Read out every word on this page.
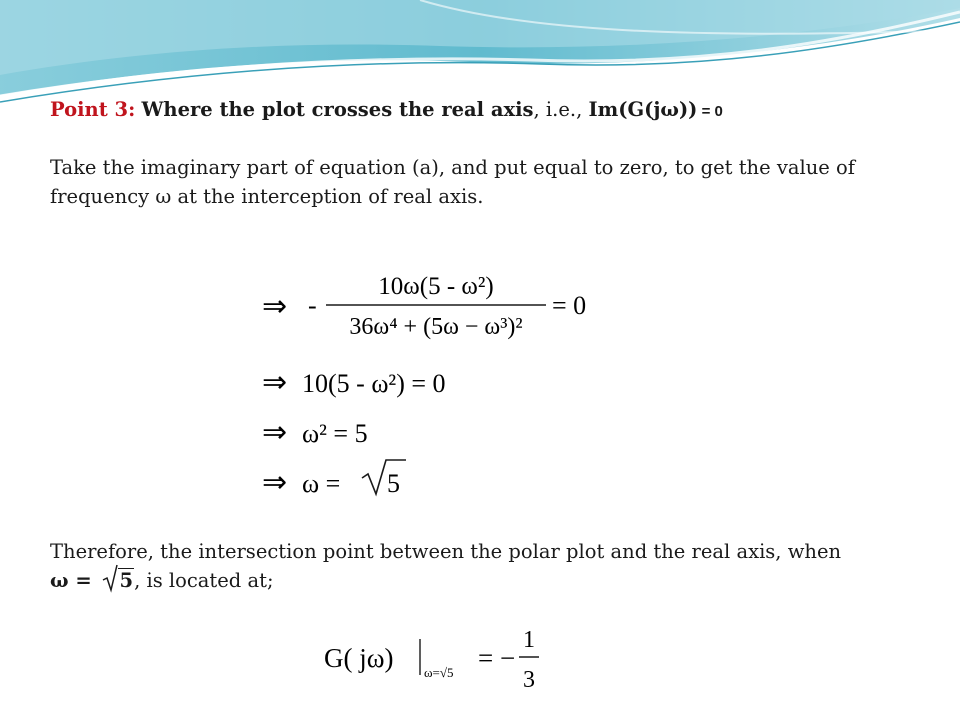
Point 3: Where the plot crosses the real axis, i.e., Im(G(jω)) = 0
Take the imaginary part of equation (a), and put equal to zero, to get the value of frequency ω at the interception of real axis.
⇒ -
10ω(5 - ω²)
36ω⁴ + (5ω − ω³)²
= 0
⇒ 10(5 - ω²) = 0
⇒ ω² = 5
⇒ ω = 5
Therefore, the intersection point between the polar plot and the real axis, when
ω =
5, is located at;
G( jω) ω=√5 = −
1
3
